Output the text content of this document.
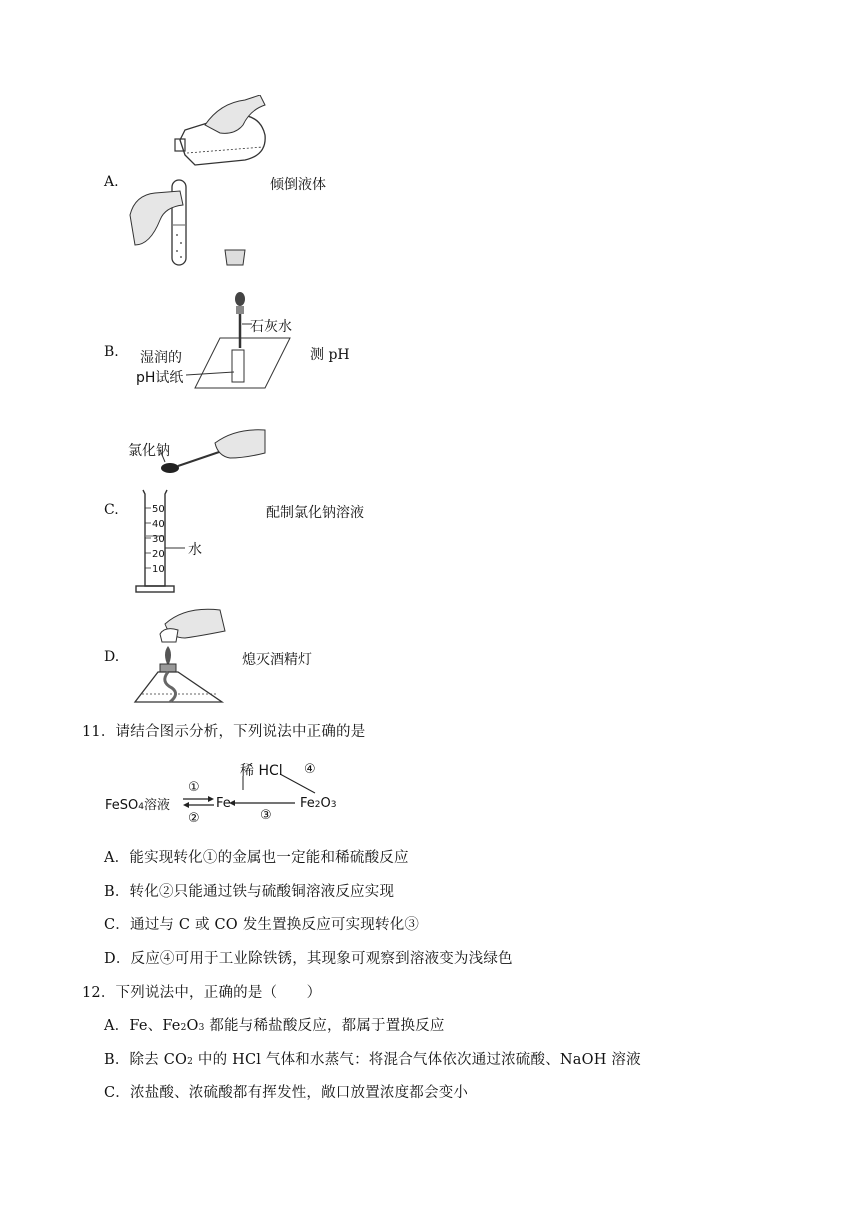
A.	倾倒液体
B.
石灰水
湿润的
pH试纸
测 pH
C.
氯化钠
50
40
30
20
10
水
配制氯化钠溶液
D.	熄灭酒精灯
11．请结合图示分析，下列说法中正确的是
FeSO4溶液	Fe	Fe2O3
稀 HCl
①
②	③
④
A．能实现转化①的金属也一定能和稀硫酸反应
B．转化②只能通过铁与硫酸铜溶液反应实现
C．通过与 C 或 CO 发生置换反应可实现转化③
D．反应④可用于工业除铁锈，其现象可观察到溶液变为浅绿色
12．下列说法中，正确的是（　　）
A．Fe、Fe2O3 都能与稀盐酸反应，都属于置换反应
B．除去 CO2 中的 HCl 气体和水蒸气：将混合气体依次通过浓硫酸、NaOH 溶液
C．浓盐酸、浓硫酸都有挥发性，敞口放置浓度都会变小
